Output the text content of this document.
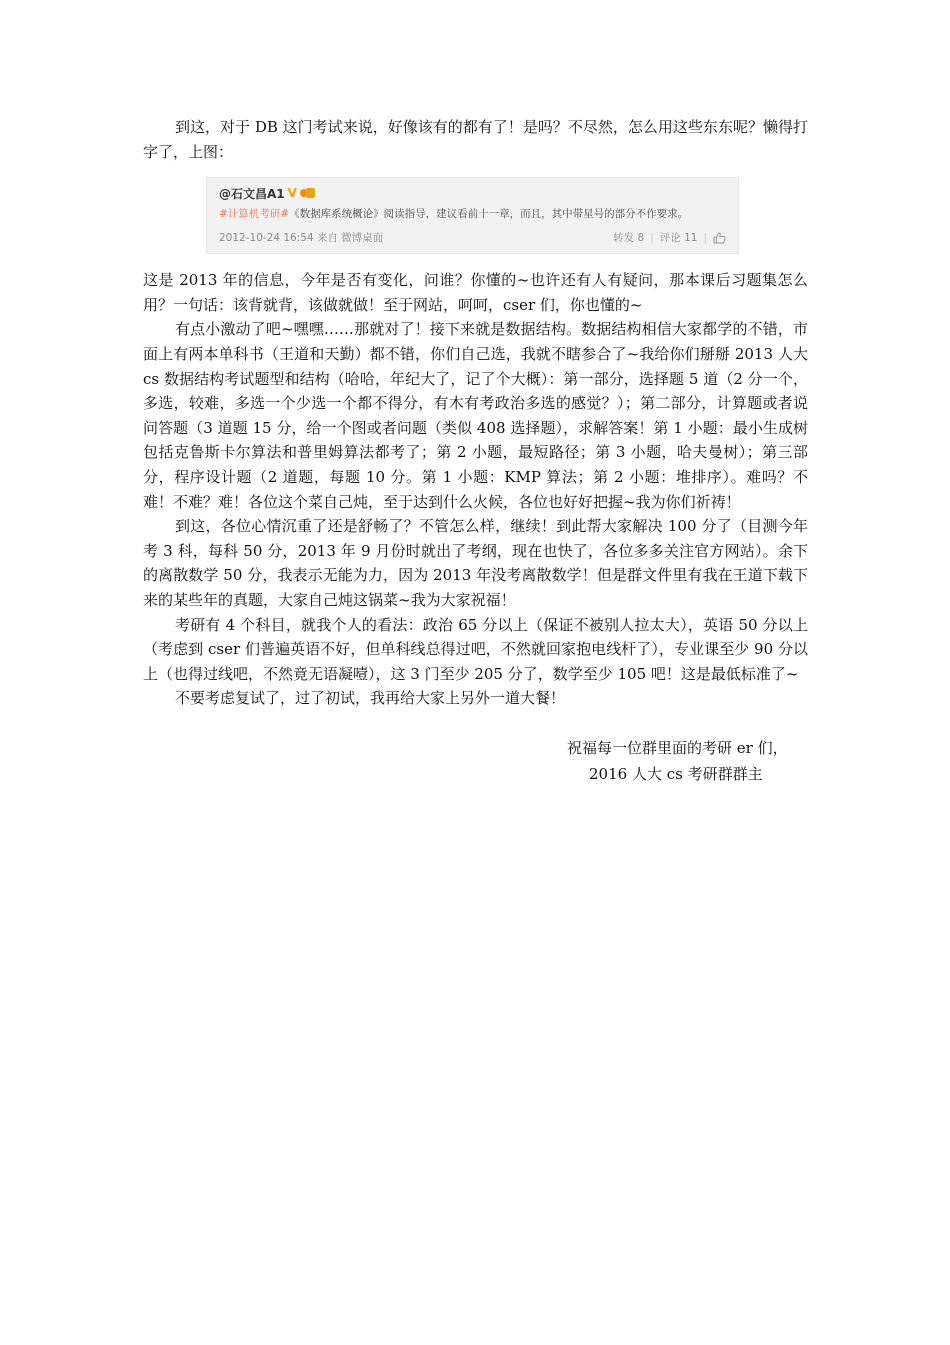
到这，对于 DB 这门考试来说，好像该有的都有了！是吗？不尽然，怎么用这些东东呢？懒得打字了，上图：

@石文昌A1 V
#计算机考研#《数据库系统概论》阅读指导，建议看前十一章，而且，其中带星号的部分不作要求。
2012-10-24 16:54 来自 微博桌面	转发 8 | 评论 11 |

这是 2013 年的信息，今年是否有变化，问谁？你懂的~也许还有人有疑问，那本课后习题集怎么用？一句话：该背就背，该做就做！至于网站，呵呵，cser 们，你也懂的~

有点小激动了吧~嘿嘿……那就对了！接下来就是数据结构。数据结构相信大家都学的不错，市面上有两本单科书（王道和天勤）都不错，你们自己选，我就不瞎参合了~我给你们掰掰 2013 人大 cs 数据结构考试题型和结构（哈哈，年纪大了，记了个大概）：第一部分，选择题 5 道（2 分一个，多选，较难，多选一个少选一个都不得分，有木有考政治多选的感觉？）；第二部分，计算题或者说问答题（3 道题 15 分，给一个图或者问题（类似 408 选择题），求解答案！第 1 小题：最小生成树包括克鲁斯卡尔算法和普里姆算法都考了；第 2 小题，最短路径；第 3 小题，哈夫曼树）；第三部分，程序设计题（2 道题，每题 10 分。第 1 小题：KMP 算法；第 2 小题：堆排序）。难吗？不难！不难？难！各位这个菜自己炖，至于达到什么火候，各位也好好把握~我为你们祈祷！

到这，各位心情沉重了还是舒畅了？不管怎么样，继续！到此帮大家解决 100 分了（目测今年考 3 科，每科 50 分，2013 年 9 月份时就出了考纲，现在也快了，各位多多关注官方网站）。余下的离散数学 50 分，我表示无能为力，因为 2013 年没考离散数学！但是群文件里有我在王道下载下来的某些年的真题，大家自己炖这锅菜~我为大家祝福！

考研有 4 个科目，就我个人的看法：政治 65 分以上（保证不被别人拉太大），英语 50 分以上（考虑到 cser 们普遍英语不好，但单科线总得过吧，不然就回家抱电线杆了），专业课至少 90 分以上（也得过线吧，不然竟无语凝噎），这 3 门至少 205 分了，数学至少 105 吧！这是最低标准了~

不要考虑复试了，过了初试，我再给大家上另外一道大餐！

祝福每一位群里面的考研 er 们，
2016 人大 cs 考研群群主
